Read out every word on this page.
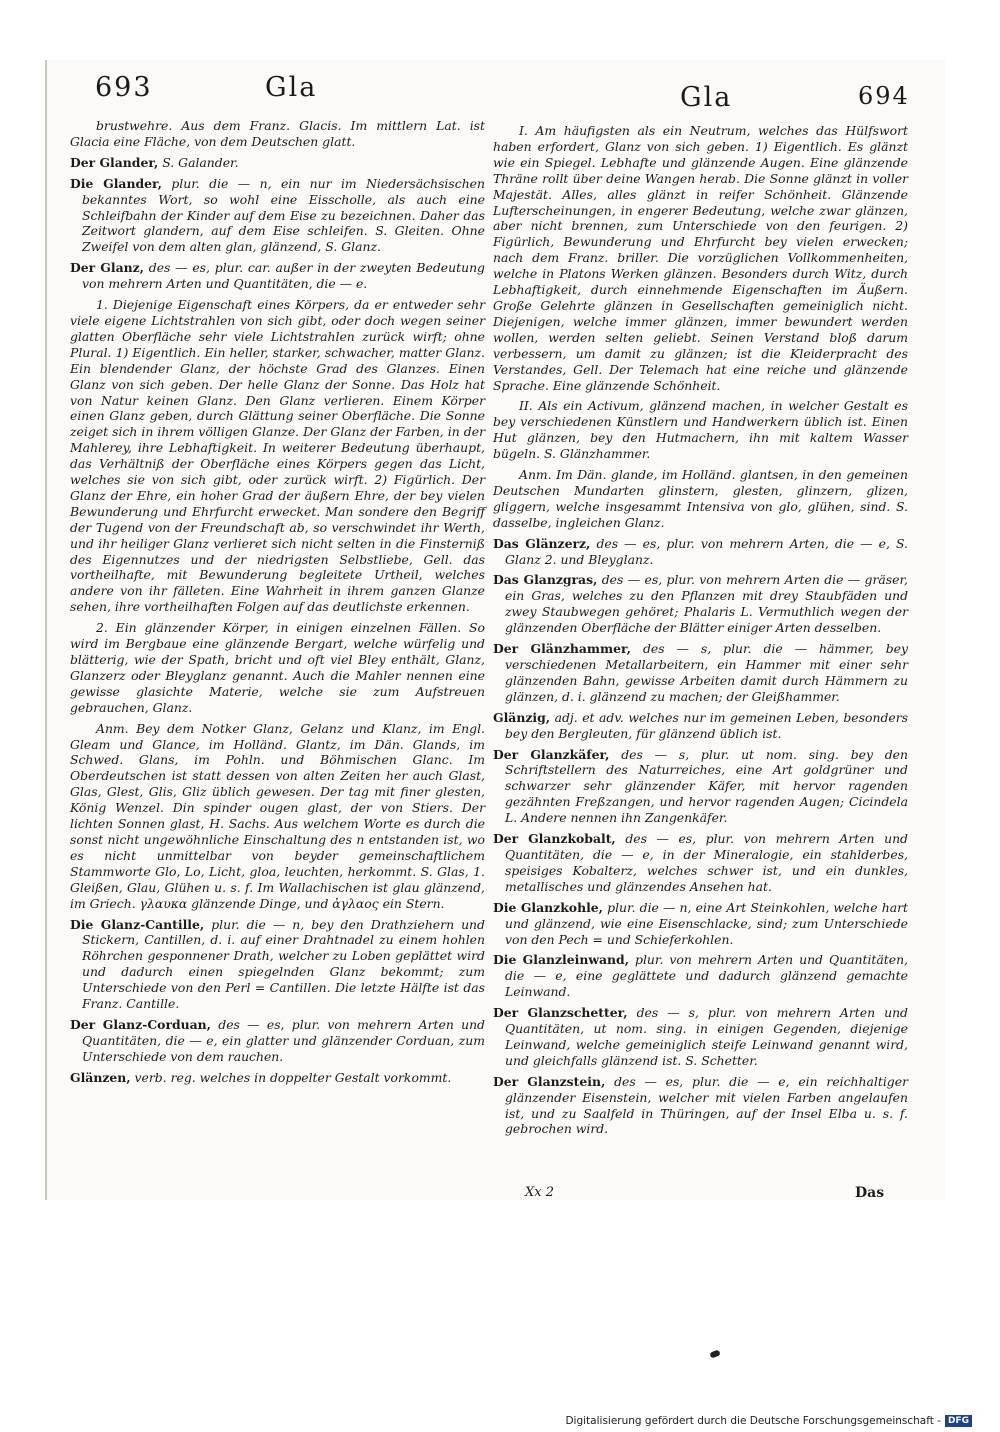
693	Gla	Gla	694

brustwehre. Aus dem Franz. Glacis. Im mittlern Lat. ist Glacia eine Fläche, von dem Deutschen glatt.

Der Glander, S. Galander.

Die Glander, plur. die — n, ein nur im Niedersächsischen bekanntes Wort, so wohl eine Eisscholle, als auch eine Schleifbahn der Kinder auf dem Eise zu bezeichnen. Daher das Zeitwort glandern, auf dem Eise schleifen. S. Gleiten. Ohne Zweifel von dem alten glan, glänzend, S. Glanz.

Der Glanz, des — es, plur. car. außer in der zweyten Bedeutung von mehrern Arten und Quantitäten, die — e.

1. Diejenige Eigenschaft eines Körpers, da er entweder sehr viele eigene Lichtstrahlen von sich gibt, oder doch wegen seiner glatten Oberfläche sehr viele Lichtstrahlen zurück wirft; ohne Plural. 1) Eigentlich. Ein heller, starker, schwacher, matter Glanz. Ein blendender Glanz, der höchste Grad des Glanzes. Einen Glanz von sich geben. Der helle Glanz der Sonne. Das Holz hat von Natur keinen Glanz. Den Glanz verlieren. Einem Körper einen Glanz geben, durch Glättung seiner Oberfläche. Die Sonne zeiget sich in ihrem völligen Glanze. Der Glanz der Farben, in der Mahlerey, ihre Lebhaftigkeit. In weiterer Bedeutung überhaupt, das Verhältniß der Oberfläche eines Körpers gegen das Licht, welches sie von sich gibt, oder zurück wirft. 2) Figürlich. Der Glanz der Ehre, ein hoher Grad der äußern Ehre, der bey vielen Bewunderung und Ehrfurcht erwecket. Man sondere den Begriff der Tugend von der Freundschaft ab, so verschwindet ihr Werth, und ihr heiliger Glanz verlieret sich nicht selten in die Finsterniß des Eigennutzes und der niedrigsten Selbstliebe, Gell. das vortheilhafte, mit Bewunderung begleitete Urtheil, welches andere von ihr fälleten. Eine Wahrheit in ihrem ganzen Glanze sehen, ihre vortheilhaften Folgen auf das deutlichste erkennen.

2. Ein glänzender Körper, in einigen einzelnen Fällen. So wird im Bergbaue eine glänzende Bergart, welche würfelig und blätterig, wie der Spath, bricht und oft viel Bley enthält, Glanz, Glanzerz oder Bleyglanz genannt. Auch die Mahler nennen eine gewisse glasichte Materie, welche sie zum Aufstreuen gebrauchen, Glanz.

Anm. Bey dem Notker Glanz, Gelanz und Klanz, im Engl. Gleam und Glance, im Holländ. Glantz, im Dän. Glands, im Schwed. Glans, im Pohln. und Böhmischen Glanc. Im Oberdeutschen ist statt dessen von alten Zeiten her auch Glast, Glas, Glest, Glis, Gliz üblich gewesen. Der tag mit finer glesten, König Wenzel. Din spinder ougen glast, der von Stiers. Der lichten Sonnen glast, H. Sachs. Aus welchem Worte es durch die sonst nicht ungewöhnliche Einschaltung des n entstanden ist, wo es nicht unmittelbar von beyder gemeinschaftlichem Stammworte Glo, Lo, Licht, gloa, leuchten, herkommt. S. Glas, 1. Gleißen, Glau, Glühen u. s. f. Im Wallachischen ist glau glänzend, im Griech. γλαυκα glänzende Dinge, und ἀγλαος ein Stern.

Die Glanz-Cantille, plur. die — n, bey den Drathziehern und Stickern, Cantillen, d. i. auf einer Drahtnadel zu einem hohlen Röhrchen gesponnener Drath, welcher zu Loben geplättet wird und dadurch einen spiegelnden Glanz bekommt; zum Unterschiede von den Perl = Cantillen. Die letzte Hälfte ist das Franz. Cantille.

Der Glanz-Corduan, des — es, plur. von mehrern Arten und Quantitäten, die — e, ein glatter und glänzender Corduan, zum Unterschiede von dem rauchen.

Glänzen, verb. reg. welches in doppelter Gestalt vorkommt.

I. Am häufigsten als ein Neutrum, welches das Hülfswort haben erfordert, Glanz von sich geben. 1) Eigentlich. Es glänzt wie ein Spiegel. Lebhafte und glänzende Augen. Eine glänzende Thräne rollt über deine Wangen herab. Die Sonne glänzt in voller Majestät. Alles, alles glänzt in reifer Schönheit. Glänzende Lufterscheinungen, in engerer Bedeutung, welche zwar glänzen, aber nicht brennen, zum Unterschiede von den feurigen. 2) Figürlich, Bewunderung und Ehrfurcht bey vielen erwecken; nach dem Franz. briller. Die vorzüglichen Vollkommenheiten, welche in Platons Werken glänzen. Besonders durch Witz, durch Lebhaftigkeit, durch einnehmende Eigenschaften im Äußern. Große Gelehrte glänzen in Gesellschaften gemeiniglich nicht. Diejenigen, welche immer glänzen, immer bewundert werden wollen, werden selten geliebt. Seinen Verstand bloß darum verbessern, um damit zu glänzen; ist die Kleiderpracht des Verstandes, Gell. Der Telemach hat eine reiche und glänzende Sprache. Eine glänzende Schönheit.

II. Als ein Activum, glänzend machen, in welcher Gestalt es bey verschiedenen Künstlern und Handwerkern üblich ist. Einen Hut glänzen, bey den Hutmachern, ihn mit kaltem Wasser bügeln. S. Glänzhammer.

Anm. Im Dän. glande, im Holländ. glantsen, in den gemeinen Deutschen Mundarten glinstern, glesten, glinzern, glizen, gliggern, welche insgesammt Intensiva von glo, glühen, sind. S. dasselbe, ingleichen Glanz.

Das Glänzerz, des — es, plur. von mehrern Arten, die — e, S. Glanz 2. und Bleyglanz.

Das Glanzgras, des — es, plur. von mehrern Arten die — gräser, ein Gras, welches zu den Pflanzen mit drey Staubfäden und zwey Staubwegen gehöret; Phalaris L. Vermuthlich wegen der glänzenden Oberfläche der Blätter einiger Arten desselben.

Der Glänzhammer, des — s, plur. die — hämmer, bey verschiedenen Metallarbeitern, ein Hammer mit einer sehr glänzenden Bahn, gewisse Arbeiten damit durch Hämmern zu glänzen, d. i. glänzend zu machen; der Gleißhammer.

Glänzig, adj. et adv. welches nur im gemeinen Leben, besonders bey den Bergleuten, für glänzend üblich ist.

Der Glanzkäfer, des — s, plur. ut nom. sing. bey den Schriftstellern des Naturreiches, eine Art goldgrüner und schwarzer sehr glänzender Käfer, mit hervor ragenden gezähnten Freßzangen, und hervor ragenden Augen; Cicindela L. Andere nennen ihn Zangenkäfer.

Der Glanzkobalt, des — es, plur. von mehrern Arten und Quantitäten, die — e, in der Mineralogie, ein stahlderbes, speisiges Kobalterz, welches schwer ist, und ein dunkles, metallisches und glänzendes Ansehen hat.

Die Glanzkohle, plur. die — n, eine Art Steinkohlen, welche hart und glänzend, wie eine Eisenschlacke, sind; zum Unterschiede von den Pech = und Schieferkohlen.

Die Glanzleinwand, plur. von mehrern Arten und Quantitäten, die — e, eine geglättete und dadurch glänzend gemachte Leinwand.

Der Glanzschetter, des — s, plur. von mehrern Arten und Quantitäten, ut nom. sing. in einigen Gegenden, diejenige Leinwand, welche gemeiniglich steife Leinwand genannt wird, und gleichfalls glänzend ist. S. Schetter.

Der Glanzstein, des — es, plur. die — e, ein reichhaltiger glänzender Eisenstein, welcher mit vielen Farben angelaufen ist, und zu Saalfeld in Thüringen, auf der Insel Elba u. s. f. gebrochen wird.

Xx 2	Das
Digitalisierung gefördert durch die Deutsche Forschungsgemeinschaft - DFG
